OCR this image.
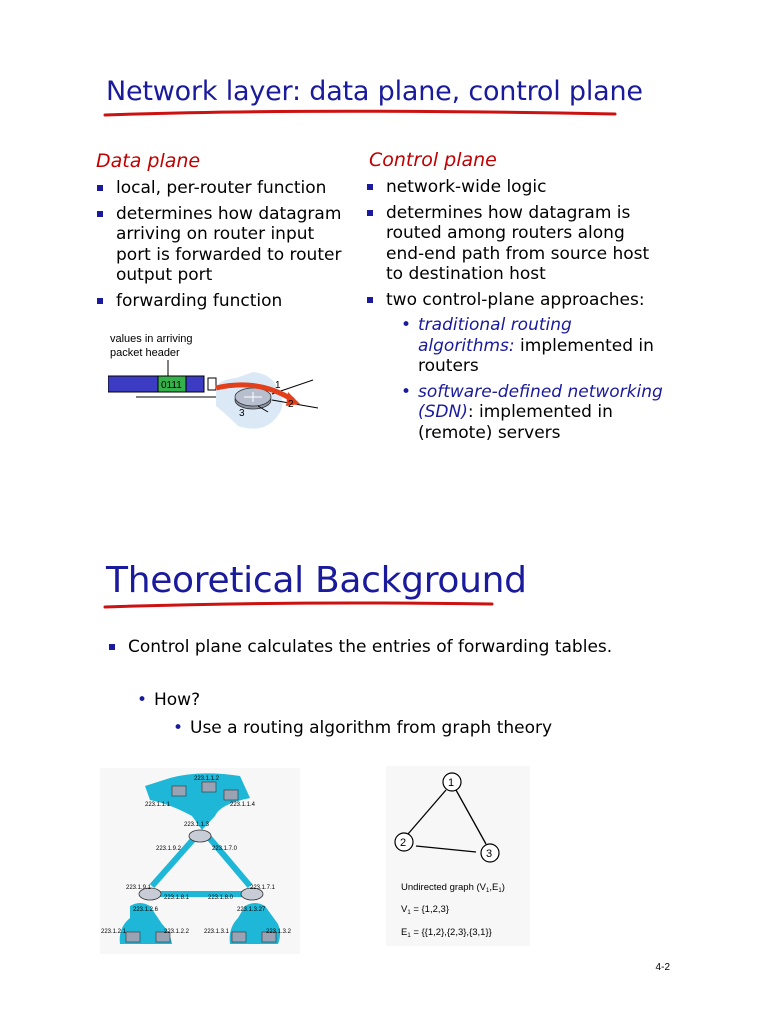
Network layer: data plane, control plane
Data plane
local, per-router function
determines how datagram arriving on router input port is forwarded to router output port
forwarding function
values in arriving
packet header
1
2
3
0111
Control plane
network-wide logic
determines how datagram is routed among routers along end-end path from source host to destination host
two control-plane approaches:
• traditional routing algorithms: implemented in routers
• software-defined networking (SDN): implemented in (remote) servers
Theoretical Background
Control plane calculates the entries of forwarding tables.
• How?
• Use a routing algorithm from graph theory
223.1.1.2
223.1.1.1	223.1.1.4
223.1.1.3
223.1.9.2	223.1.7.0
223.1.9.1
223.1.8.1	223.1.8.0
223.1.7.1
223.1.2.6	223.1.3.27
223.1.2.1	223.1.2.2 223.1.3.1	223.1.3.2
1
2
3
Undirected graph $(V_1,E_1)$
$V_1 = \{1,2,3\}$
$E_1 = \{\{1,2\},\{2,3\},\{3,1\}\}$
4-2
